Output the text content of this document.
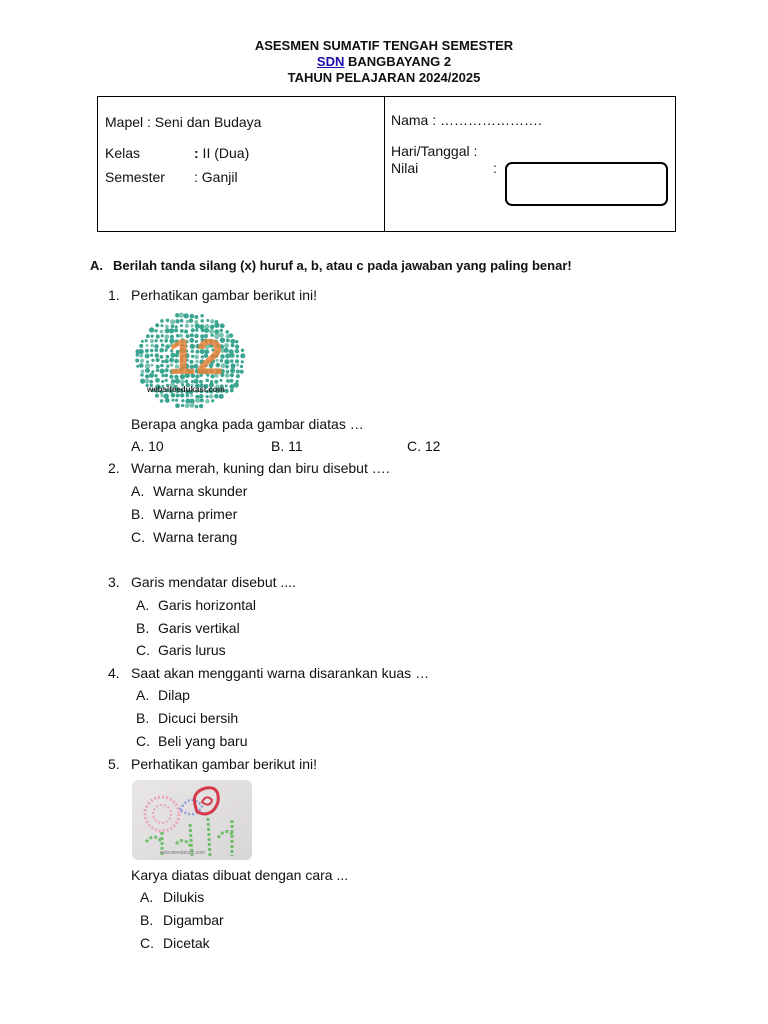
ASESMEN SUMATIF TENGAH SEMESTER
SDN BANGBAYANG 2
TAHUN PELAJARAN 2024/2025
Mapel : Seni dan Budaya
Kelas	: II (Dua)
Semester : Ganjil
Nama : ………………….
Hari/Tanggal :
Nilai	:
A. Berilah tanda silang (x) huruf a, b, atau c pada jawaban yang paling benar!
1. Perhatikan gambar berikut ini!
12
websiteedukasi.com
Berapa angka pada gambar diatas …
A. 10	B. 11	C. 12
2. Warna merah, kuning dan biru disebut ….
A. Warna skunder
B. Warna primer
C. Warna terang
3. Garis mendatar disebut ....
A. Garis horizontal
B. Garis vertikal
C. Garis lurus
4. Saat akan mengganti warna disarankan kuas …
A. Dilap
B. Dicuci bersih
C. Beli yang baru
5. Perhatikan gambar berikut ini!
websiteedukasi.com
Karya diatas dibuat dengan cara ...
A. Dilukis
B. Digambar
C. Dicetak
